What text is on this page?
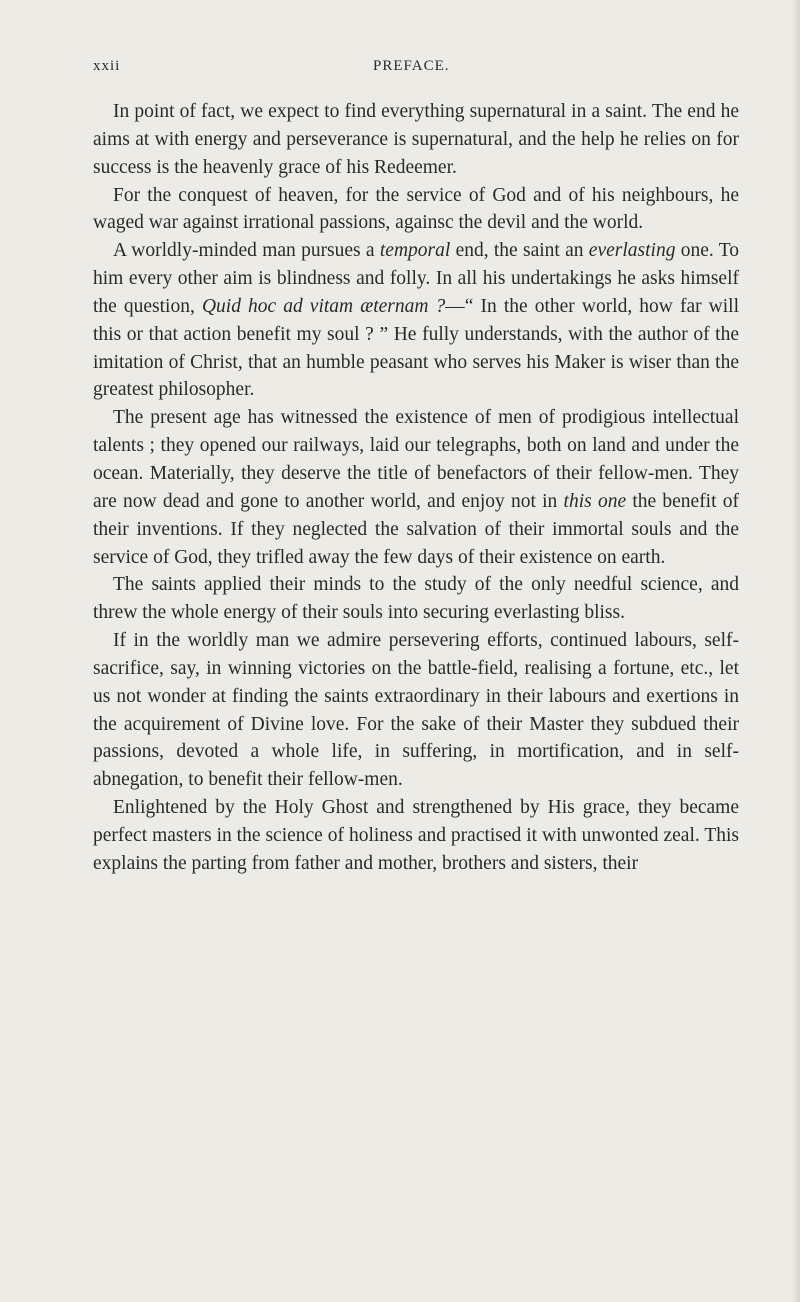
xxii	PREFACE.

In point of fact, we expect to find everything supernatural in a saint. The end he aims at with energy and perseverance is supernatural, and the help he relies on for success is the heavenly grace of his Redeemer.

For the conquest of heaven, for the service of God and of his neighbours, he waged war against irrational passions, againsc the devil and the world.

A worldly-minded man pursues a temporal end, the saint an everlasting one. To him every other aim is blindness and folly. In all his undertakings he asks himself the question, Quid hoc ad vitam æternam ?—“ In the other world, how far will this or that action benefit my soul ? ” He fully understands, with the author of the imitation of Christ, that an humble peasant who serves his Maker is wiser than the greatest philosopher.

The present age has witnessed the existence of men of prodigious intellectual talents ; they opened our railways, laid our telegraphs, both on land and under the ocean. Materially, they deserve the title of benefactors of their fellow-men. They are now dead and gone to another world, and enjoy not in this one the benefit of their inventions. If they neglected the salvation of their immortal souls and the service of God, they trifled away the few days of their existence on earth.

The saints applied their minds to the study of the only needful science, and threw the whole energy of their souls into securing everlasting bliss.

If in the worldly man we admire persevering efforts, continued labours, self-sacrifice, say, in winning victories on the battle-field, realising a fortune, etc., let us not wonder at finding the saints extraordinary in their labours and exertions in the acquirement of Divine love. For the sake of their Master they subdued their passions, devoted a whole life, in suffering, in mortification, and in self-abnegation, to benefit their fellow-men.

Enlightened by the Holy Ghost and strengthened by His grace, they became perfect masters in the science of holiness and practised it with unwonted zeal. This explains the parting from father and mother, brothers and sisters, their
